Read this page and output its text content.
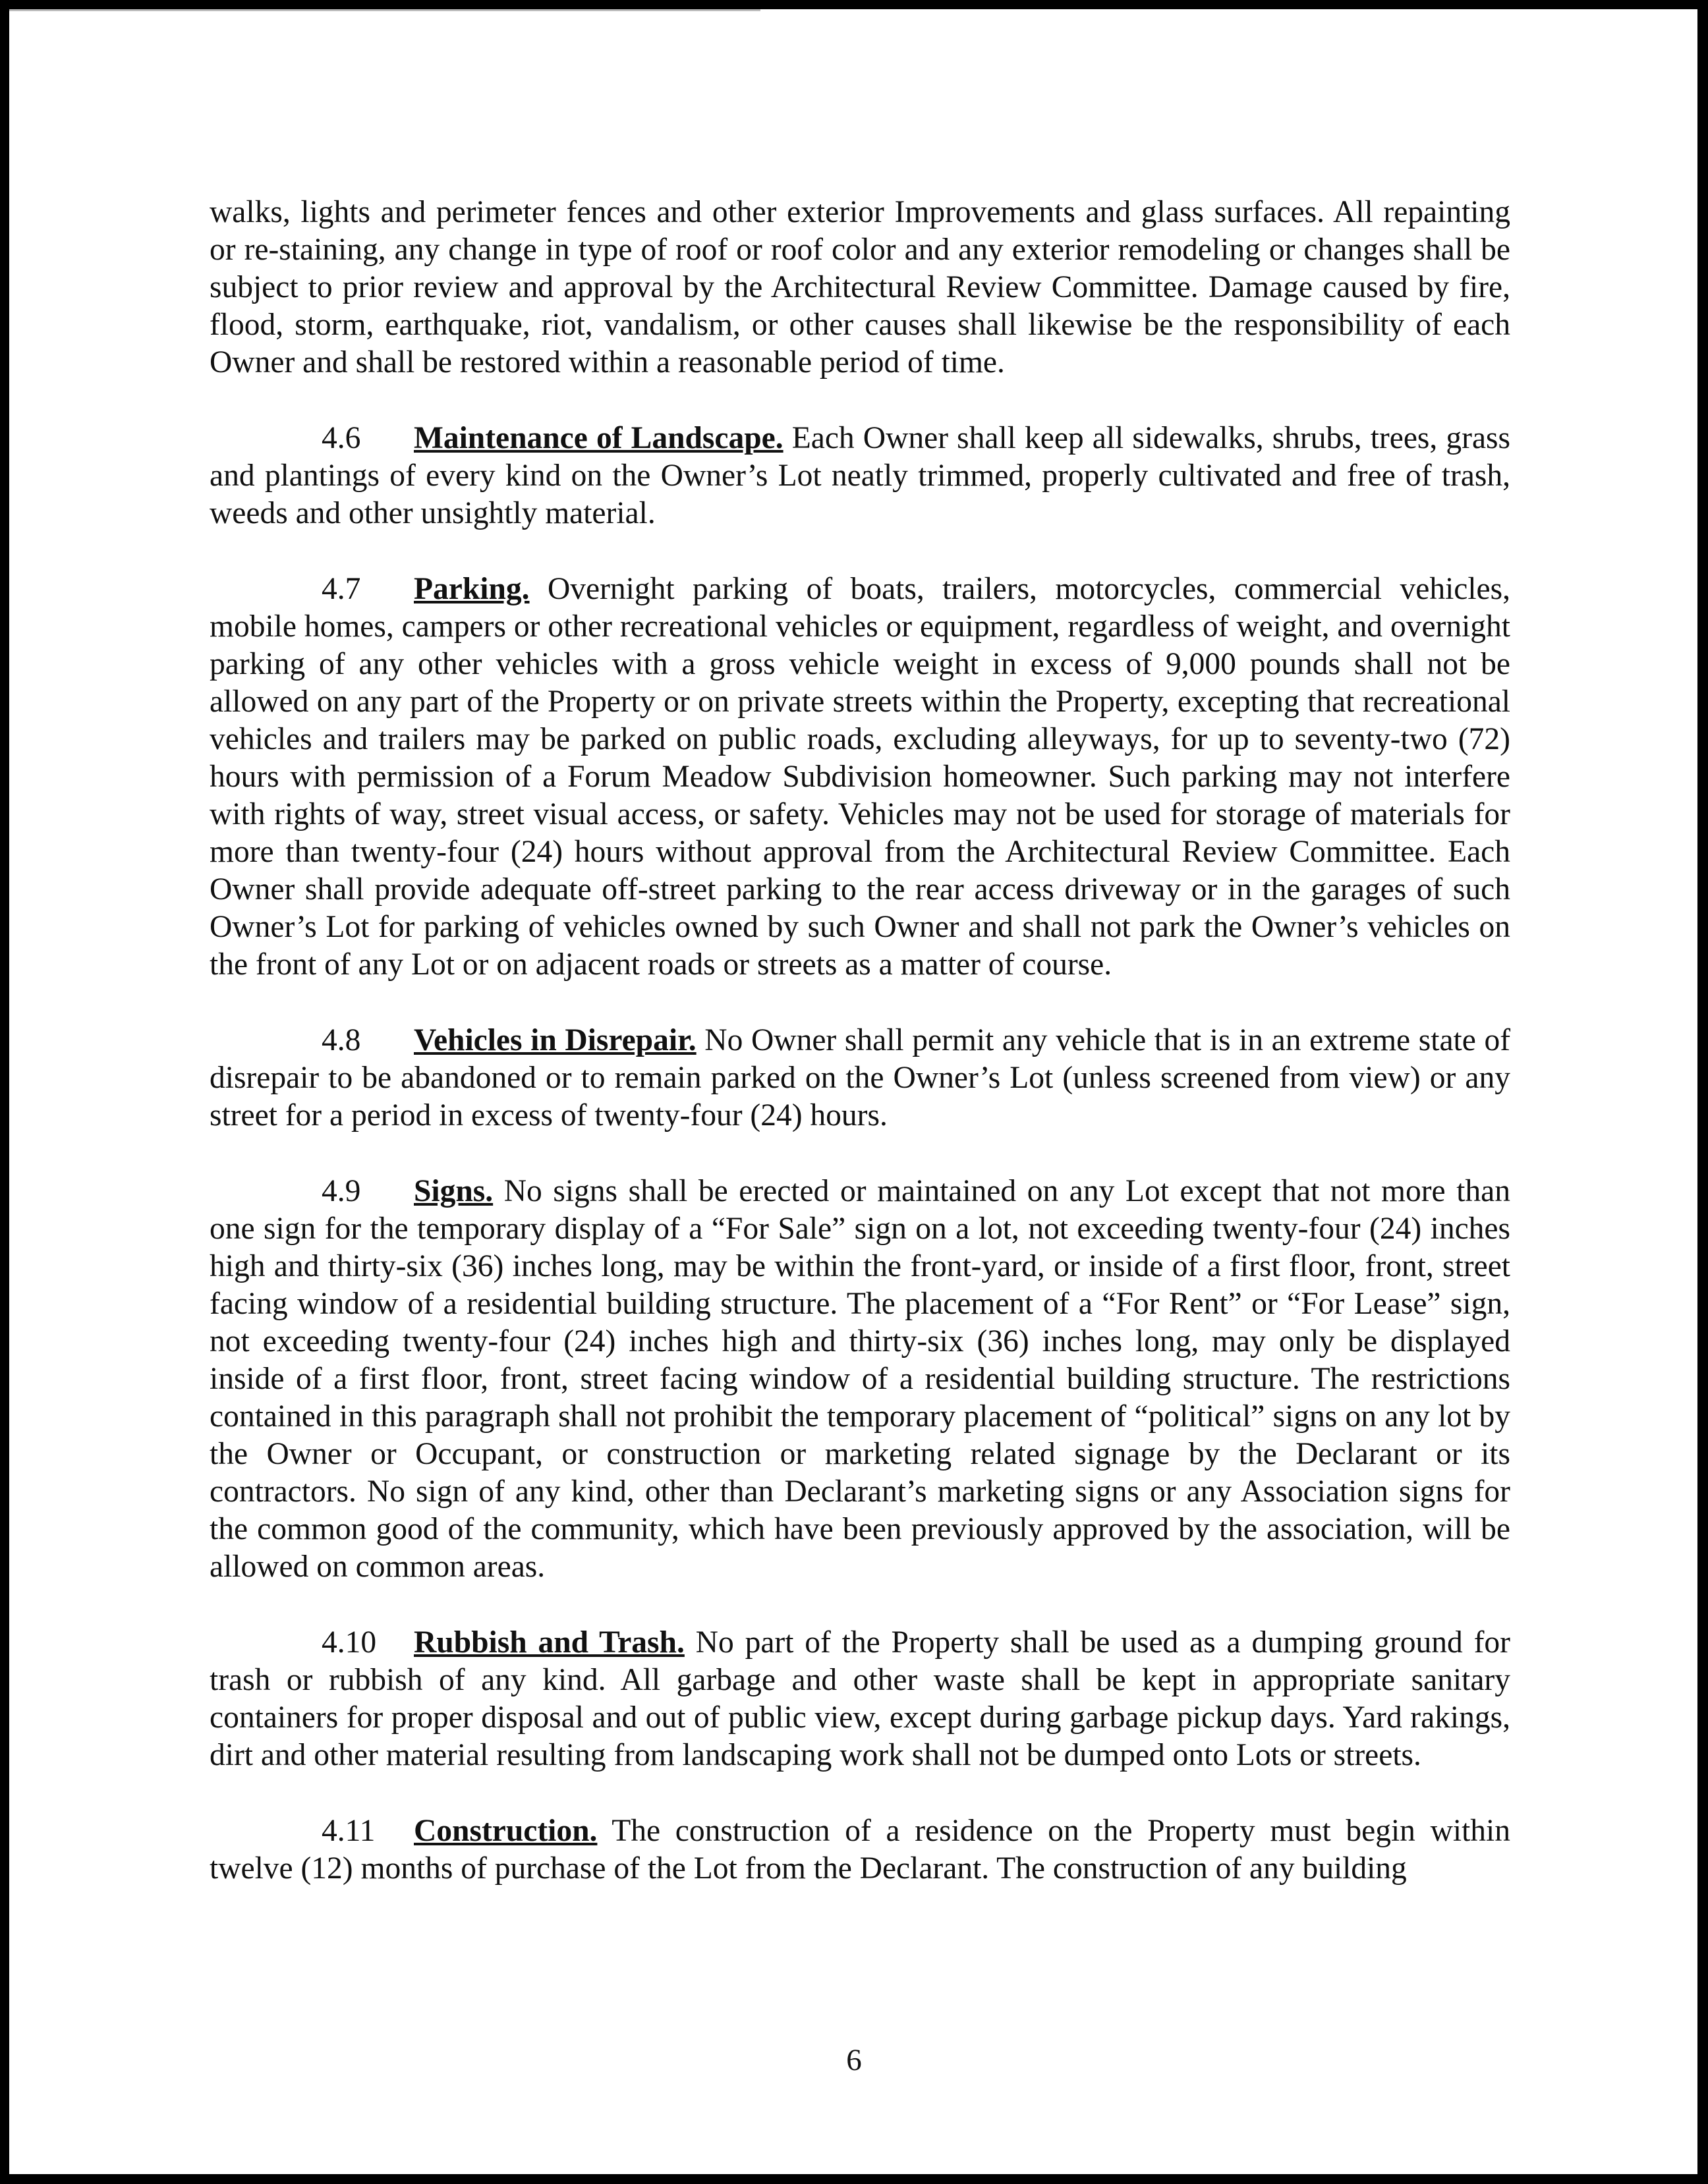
walks, lights and perimeter fences and other exterior Improvements and glass surfaces. All repainting or re-staining, any change in type of roof or roof color and any exterior remodeling or changes shall be subject to prior review and approval by the Architectural Review Committee. Damage caused by fire, flood, storm, earthquake, riot, vandalism, or other causes shall likewise be the responsibility of each Owner and shall be restored within a reasonable period of time.

4.6 Maintenance of Landscape. Each Owner shall keep all sidewalks, shrubs, trees, grass and plantings of every kind on the Owner’s Lot neatly trimmed, properly cultivated and free of trash, weeds and other unsightly material.

4.7 Parking. Overnight parking of boats, trailers, motorcycles, commercial vehicles, mobile homes, campers or other recreational vehicles or equipment, regardless of weight, and overnight parking of any other vehicles with a gross vehicle weight in excess of 9,000 pounds shall not be allowed on any part of the Property or on private streets within the Property, excepting that recreational vehicles and trailers may be parked on public roads, excluding alleyways, for up to seventy-two (72) hours with permission of a Forum Meadow Subdivision homeowner. Such parking may not interfere with rights of way, street visual access, or safety. Vehicles may not be used for storage of materials for more than twenty-four (24) hours without approval from the Architectural Review Committee. Each Owner shall provide adequate off-street parking to the rear access driveway or in the garages of such Owner’s Lot for parking of vehicles owned by such Owner and shall not park the Owner’s vehicles on the front of any Lot or on adjacent roads or streets as a matter of course.

4.8 Vehicles in Disrepair. No Owner shall permit any vehicle that is in an extreme state of disrepair to be abandoned or to remain parked on the Owner’s Lot (unless screened from view) or any street for a period in excess of twenty-four (24) hours.

4.9 Signs. No signs shall be erected or maintained on any Lot except that not more than one sign for the temporary display of a “For Sale” sign on a lot, not exceeding twenty-four (24) inches high and thirty-six (36) inches long, may be within the front-yard, or inside of a first floor, front, street facing window of a residential building structure. The placement of a “For Rent” or “For Lease” sign, not exceeding twenty-four (24) inches high and thirty-six (36) inches long, may only be displayed inside of a first floor, front, street facing window of a residential building structure. The restrictions contained in this paragraph shall not prohibit the temporary placement of “political” signs on any lot by the Owner or Occupant, or construction or marketing related signage by the Declarant or its contractors. No sign of any kind, other than Declarant’s marketing signs or any Association signs for the common good of the community, which have been previously approved by the association, will be allowed on common areas.

4.10 Rubbish and Trash. No part of the Property shall be used as a dumping ground for trash or rubbish of any kind. All garbage and other waste shall be kept in appropriate sanitary containers for proper disposal and out of public view, except during garbage pickup days. Yard rakings, dirt and other material resulting from landscaping work shall not be dumped onto Lots or streets.

4.11 Construction. The construction of a residence on the Property must begin within twelve (12) months of purchase of the Lot from the Declarant. The construction of any building

6
